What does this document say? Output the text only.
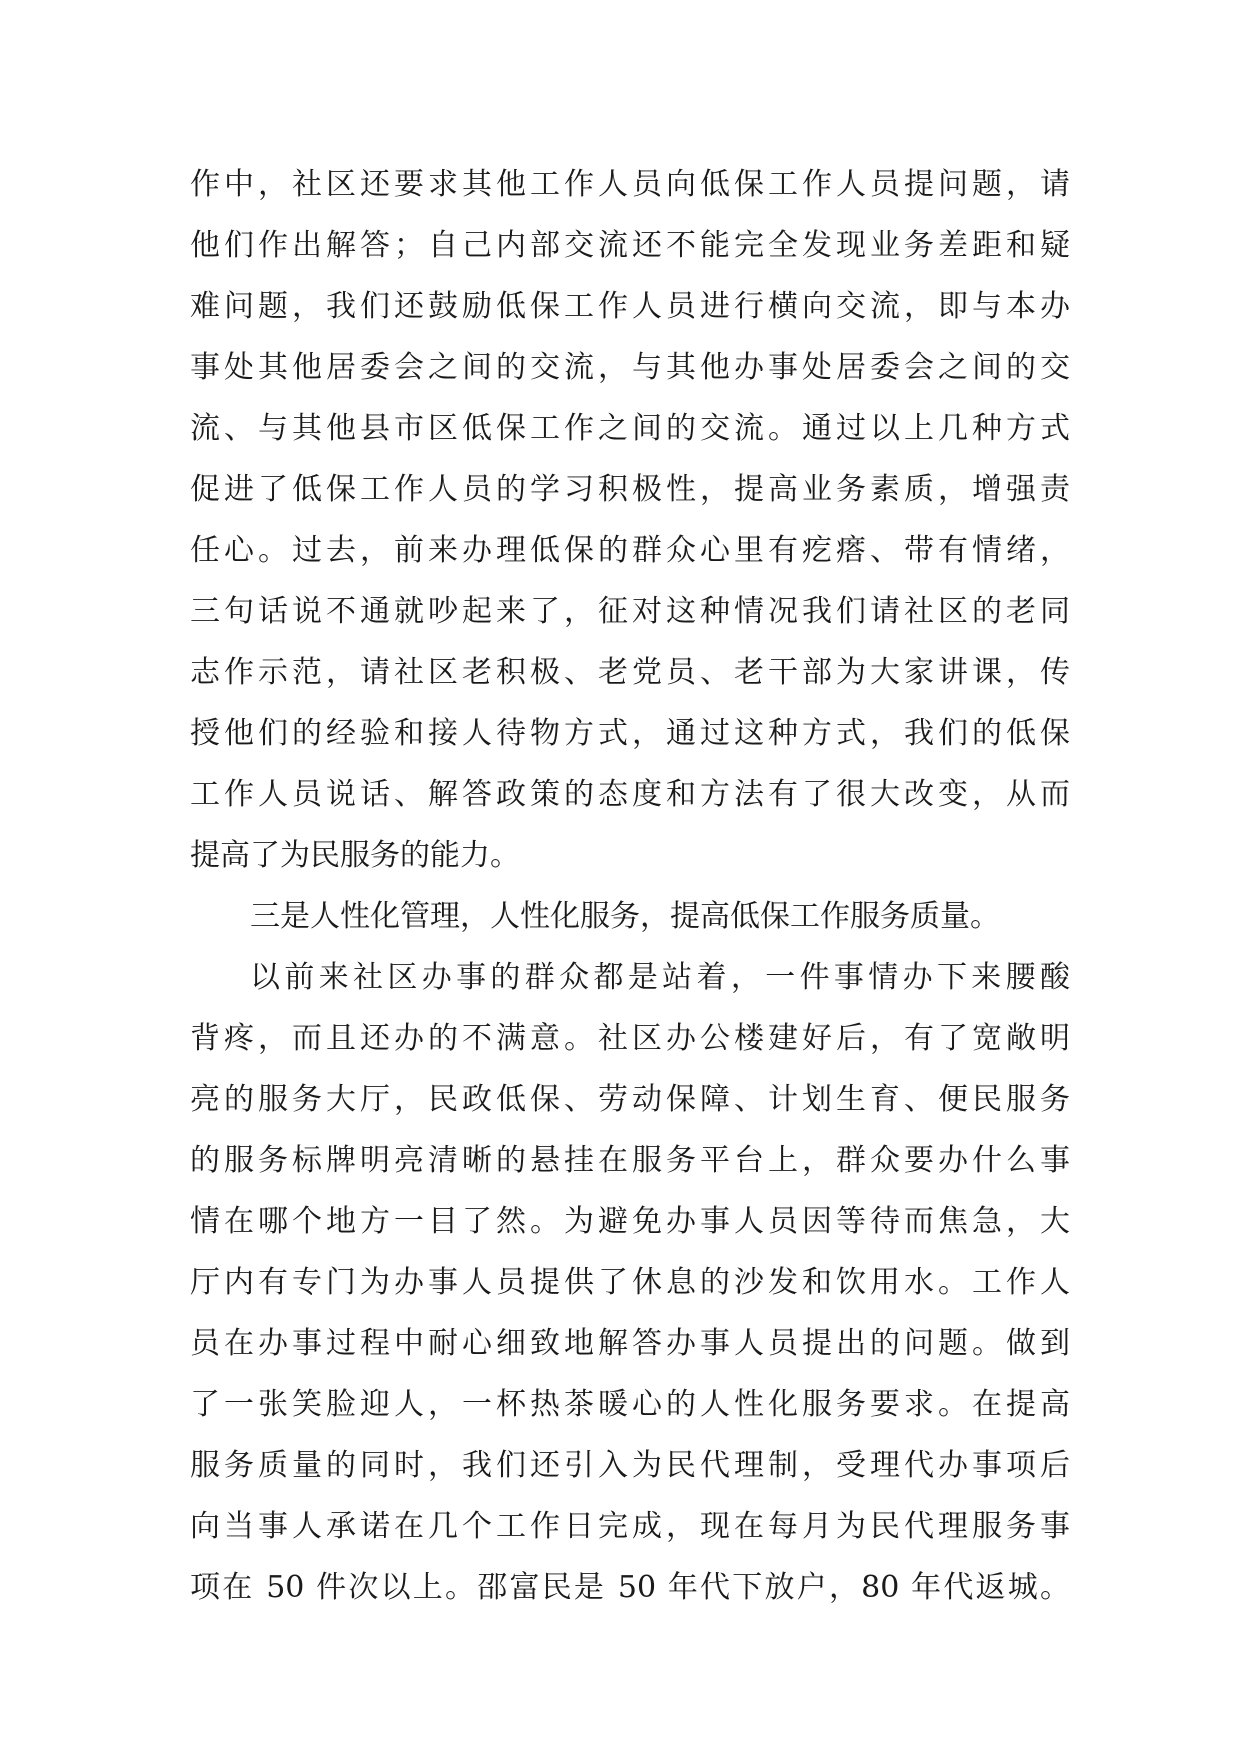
作中，社区还要求其他工作人员向低保工作人员提问题，请
他们作出解答；自己内部交流还不能完全发现业务差距和疑
难问题，我们还鼓励低保工作人员进行横向交流，即与本办
事处其他居委会之间的交流，与其他办事处居委会之间的交
流、与其他县市区低保工作之间的交流。通过以上几种方式
促进了低保工作人员的学习积极性，提高业务素质，增强责
任心。过去，前来办理低保的群众心里有疙瘩、带有情绪，
三句话说不通就吵起来了，征对这种情况我们请社区的老同
志作示范，请社区老积极、老党员、老干部为大家讲课，传
授他们的经验和接人待物方式，通过这种方式，我们的低保
工作人员说话、解答政策的态度和方法有了很大改变，从而
提高了为民服务的能力。
三是人性化管理，人性化服务，提高低保工作服务质量。
以前来社区办事的群众都是站着，一件事情办下来腰酸
背疼，而且还办的不满意。社区办公楼建好后，有了宽敞明
亮的服务大厅，民政低保、劳动保障、计划生育、便民服务
的服务标牌明亮清晰的悬挂在服务平台上，群众要办什么事
情在哪个地方一目了然。为避免办事人员因等待而焦急，大
厅内有专门为办事人员提供了休息的沙发和饮用水。工作人
员在办事过程中耐心细致地解答办事人员提出的问题。做到
了一张笑脸迎人，一杯热茶暖心的人性化服务要求。在提高
服务质量的同时，我们还引入为民代理制，受理代办事项后
向当事人承诺在几个工作日完成，现在每月为民代理服务事
项在 50 件次以上。邵富民是 50 年代下放户，80 年代返城。
